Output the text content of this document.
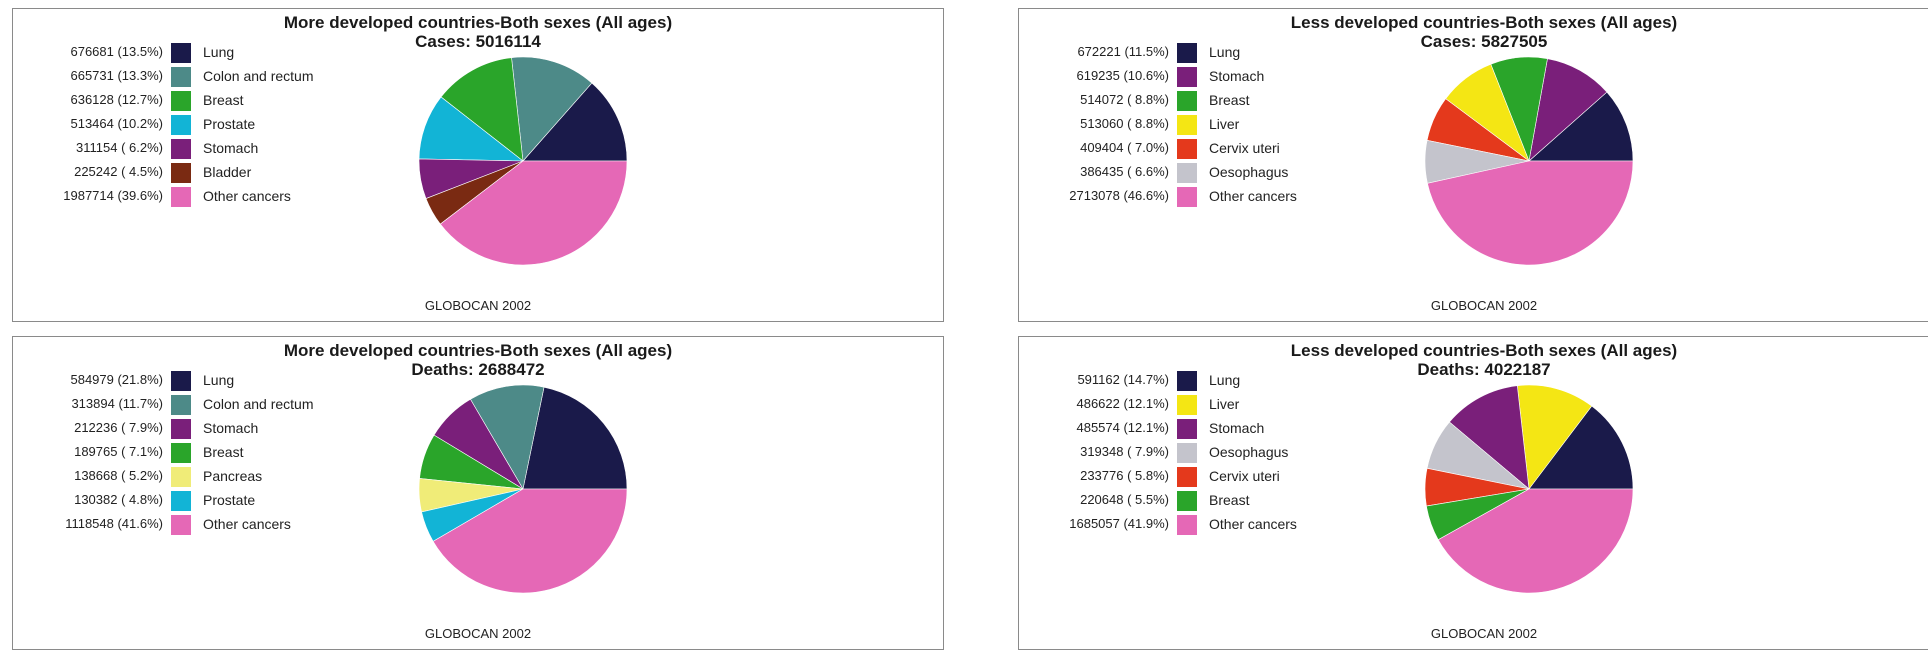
More developed countries-Both sexes (All ages)
Cases: 5016114
676681 (13.5%)	Lung
665731 (13.3%)	Colon and rectum
636128 (12.7%)	Breast
513464 (10.2%)	Prostate
311154 ( 6.2%)	Stomach
225242 ( 4.5%)	Bladder
1987714 (39.6%)	Other cancers
GLOBOCAN 2002
Less developed countries-Both sexes (All ages)
Cases: 5827505
672221 (11.5%)	Lung
619235 (10.6%)	Stomach
514072 ( 8.8%)	Breast
513060 ( 8.8%)	Liver
409404 ( 7.0%)	Cervix uteri
386435 ( 6.6%)	Oesophagus
2713078 (46.6%)	Other cancers
GLOBOCAN 2002
More developed countries-Both sexes (All ages)
Deaths: 2688472
584979 (21.8%)	Lung
313894 (11.7%)	Colon and rectum
212236 ( 7.9%)	Stomach
189765 ( 7.1%)	Breast
138668 ( 5.2%)	Pancreas
130382 ( 4.8%)	Prostate
1118548 (41.6%)	Other cancers
GLOBOCAN 2002
Less developed countries-Both sexes (All ages)
Deaths: 4022187
591162 (14.7%)	Lung
486622 (12.1%)	Liver
485574 (12.1%)	Stomach
319348 ( 7.9%)	Oesophagus
233776 ( 5.8%)	Cervix uteri
220648 ( 5.5%)	Breast
1685057 (41.9%)	Other cancers
GLOBOCAN 2002
